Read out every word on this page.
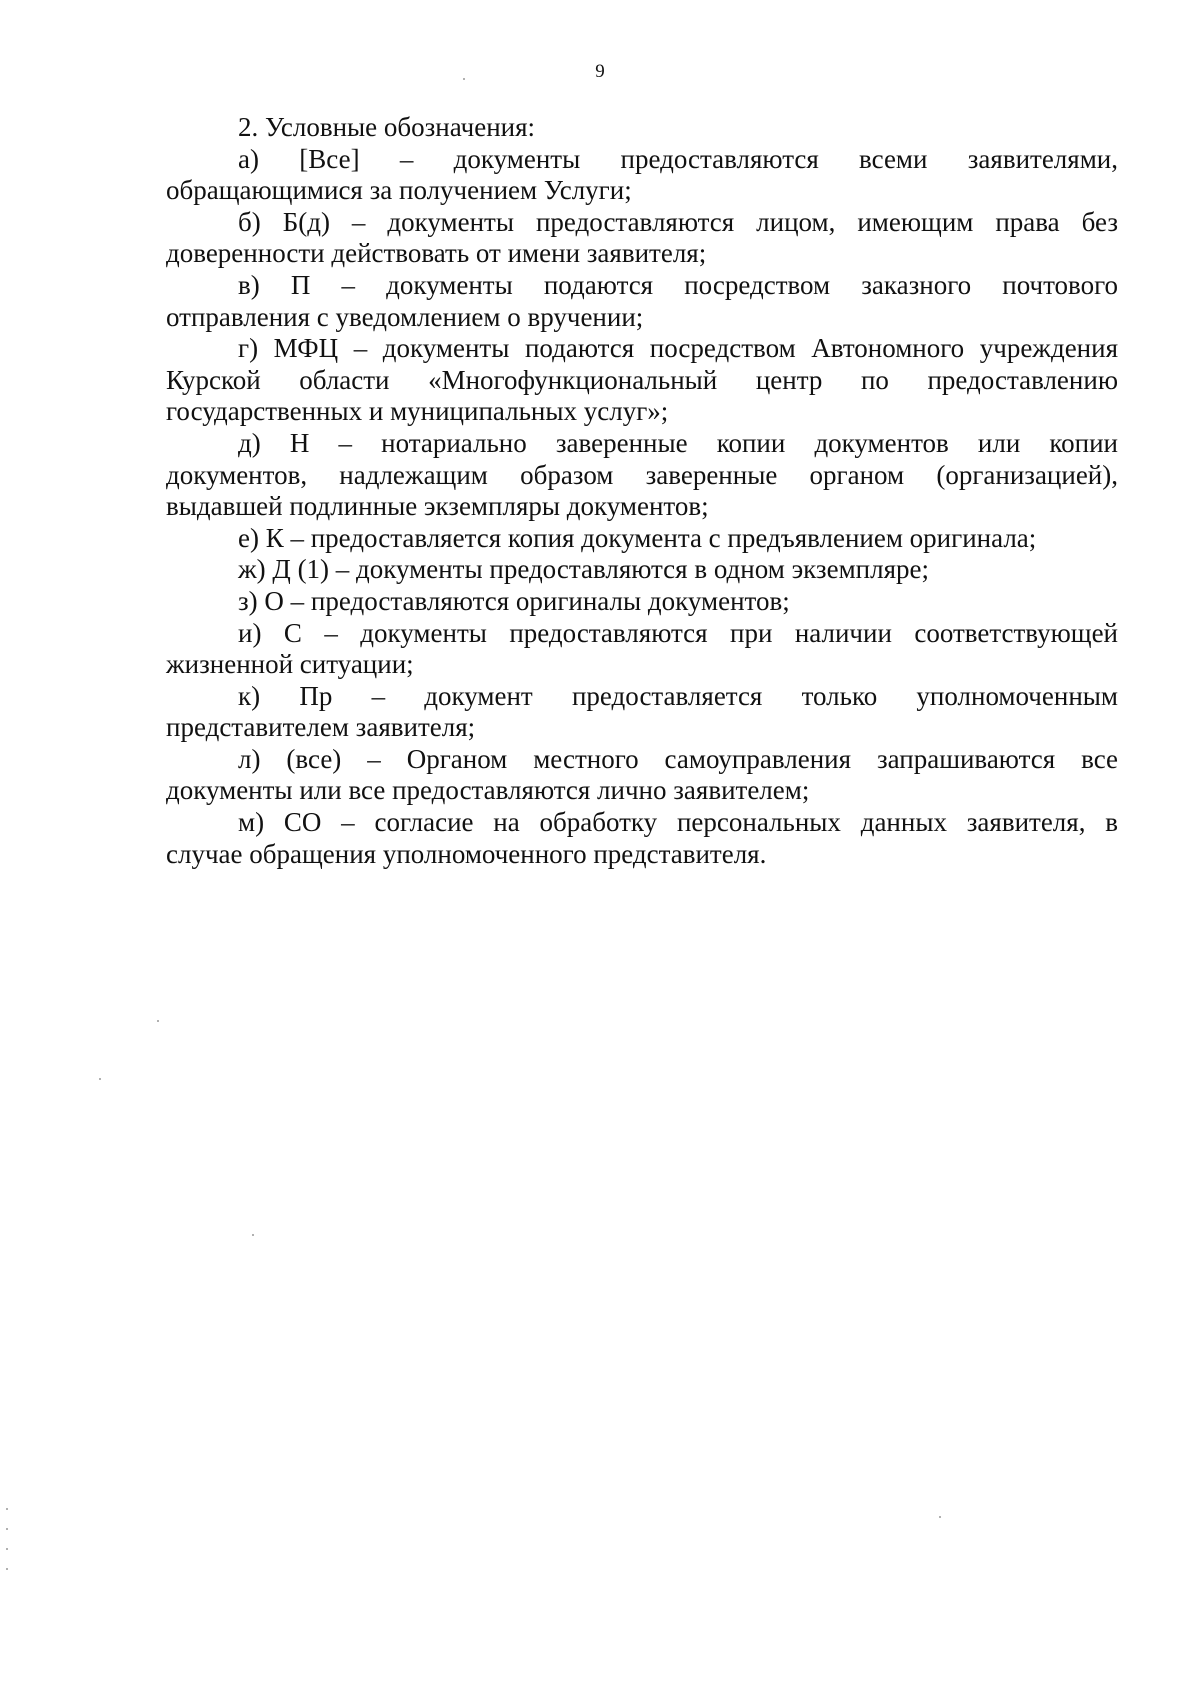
9

2. Условные обозначения:

а) [Все] – документы предоставляются всеми заявителями,
обращающимися за получением Услуги;

б) Б(д) – документы предоставляются лицом, имеющим права без
доверенности действовать от имени заявителя;

в) П – документы подаются посредством заказного почтового
отправления с уведомлением о вручении;

г) МФЦ – документы подаются посредством Автономного учреждения
Курской области «Многофункциональный центр по предоставлению
государственных и муниципальных услуг»;

д) Н – нотариально заверенные копии документов или копии
документов, надлежащим образом заверенные органом (организацией),
выдавшей подлинные экземпляры документов;

е) К – предоставляется копия документа с предъявлением оригинала;

ж) Д (1) – документы предоставляются в одном экземпляре;

з) О – предоставляются оригиналы документов;

и) С – документы предоставляются при наличии соответствующей
жизненной ситуации;

к) Пр – документ предоставляется только уполномоченным
представителем заявителя;

л) (все) – Органом местного самоуправления запрашиваются все
документы или все предоставляются лично заявителем;

м) СО – согласие на обработку персональных данных заявителя, в
случае обращения уполномоченного представителя.
